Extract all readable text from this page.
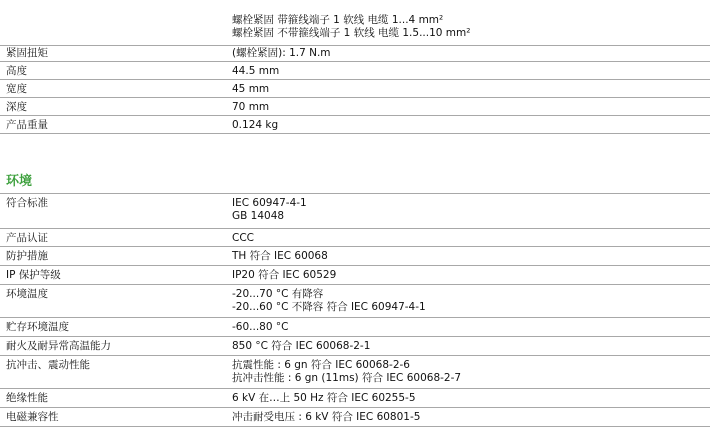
螺栓紧固 带箍线端子 1 软线 电缆 1...4 mm²
螺栓紧固 不带箍线端子 1 软线 电缆 1.5...10 mm²
紧固扭矩	(螺栓紧固): 1.7 N.m
高度	44.5 mm
宽度	45 mm
深度	70 mm
产品重量	0.124 kg
环境
符合标准	IEC 60947-4-1
GB 14048
产品认证	CCC
防护措施	TH 符合 IEC 60068
IP 保护等级	IP20 符合 IEC 60529
环境温度	-20...70 °C 有降容
-20...60 °C 不降容 符合 IEC 60947-4-1
贮存环境温度	-60...80 °C
耐火及耐异常高温能力	850 °C 符合 IEC 60068-2-1
抗冲击、震动性能	抗震性能 : 6 gn 符合 IEC 60068-2-6
抗冲击性能 : 6 gn (11ms) 符合 IEC 60068-2-7
绝缘性能	6 kV 在…上 50 Hz 符合 IEC 60255-5
电磁兼容性	冲击耐受电压 : 6 kV 符合 IEC 60801-5
